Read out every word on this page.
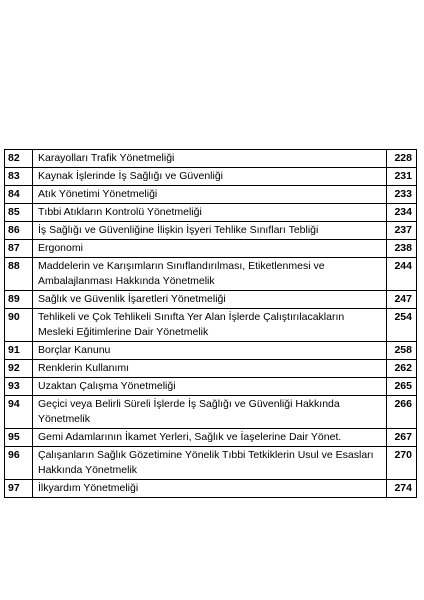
82	Karayolları Trafik Yönetmeliği	228
83	Kaynak İşlerinde İş Sağlığı ve Güvenliği	231
84	Atık Yönetimi Yönetmeliği	233
85	Tıbbi Atıkların Kontrolü Yönetmeliği	234
86	İş Sağlığı ve Güvenliğine İlişkin İşyeri Tehlike Sınıfları Tebliği	237
87	Ergonomi	238
88	Maddelerin ve Karışımların Sınıflandırılması, Etiketlenmesi ve Ambalajlanması Hakkında Yönetmelik	244
89	Sağlık ve Güvenlik İşaretleri Yönetmeliği	247
90	Tehlikeli ve Çok Tehlikeli Sınıfta Yer Alan İşlerde Çalıştırılacakların Mesleki Eğitimlerine Dair Yönetmelik	254
91	Borçlar Kanunu	258
92	Renklerin Kullanımı	262
93	Uzaktan Çalışma Yönetmeliği	265
94	Geçici veya Belirli Süreli İşlerde İş Sağlığı ve Güvenliği Hakkında Yönetmelik	266
95	Gemi Adamlarının İkamet Yerleri, Sağlık ve İaşelerine Dair Yönet.	267
96	Çalışanların Sağlık Gözetimine Yönelik Tıbbi Tetkiklerin Usul ve Esasları Hakkında Yönetmelik	270
97	İlkyardım Yönetmeliği	274
